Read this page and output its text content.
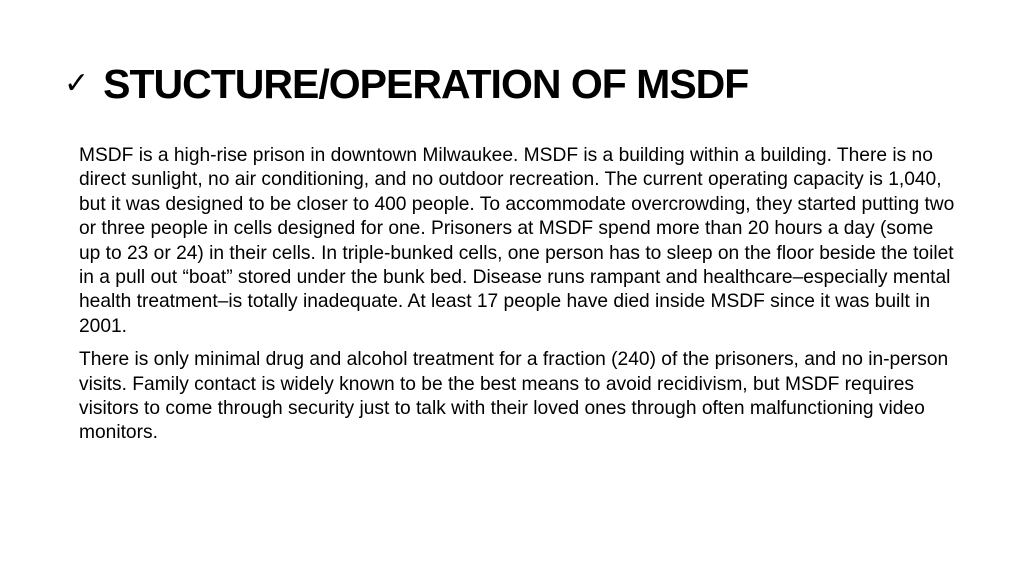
✓ STUCTURE/OPERATION OF MSDF

MSDF is a high-rise prison in downtown Milwaukee. MSDF is a building within a building. There is no direct sunlight, no air conditioning, and no outdoor recreation. The current operating capacity is 1,040, but it was designed to be closer to 400 people. To accommodate overcrowding, they started putting two or three people in cells designed for one. Prisoners at MSDF spend more than 20 hours a day (some up to 23 or 24) in their cells. In triple-bunked cells, one person has to sleep on the floor beside the toilet in a pull out “boat” stored under the bunk bed. Disease runs rampant and healthcare–especially mental health treatment–is totally inadequate. At least 17 people have died inside MSDF since it was built in 2001.

There is only minimal drug and alcohol treatment for a fraction (240) of the prisoners, and no in-person visits. Family contact is widely known to be the best means to avoid recidivism, but MSDF requires visitors to come through security just to talk with their loved ones through often malfunctioning video monitors.
